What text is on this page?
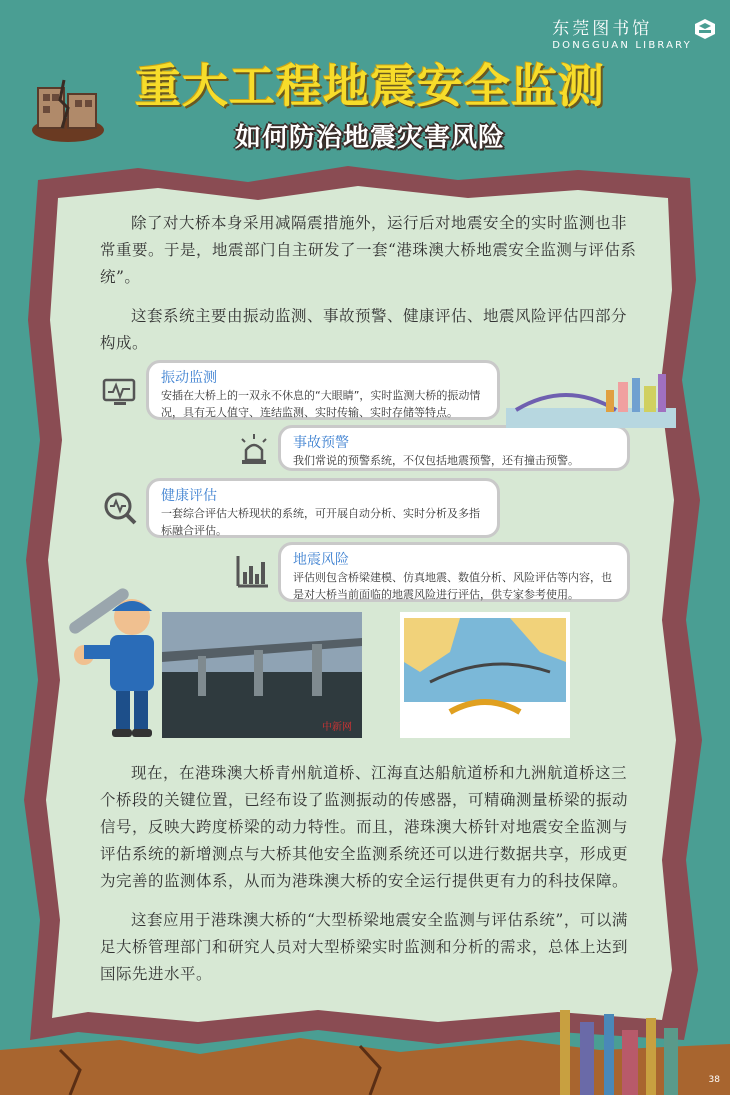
东莞图书馆
DONGGUAN LIBRARY
重大工程地震安全监测
如何防治地震灾害风险

除了对大桥本身采用减隔震措施外，运行后对地震安全的实时监测也非常重要。于是，地震部门自主研发了一套“港珠澳大桥地震安全监测与评估系统”。

这套系统主要由振动监测、事故预警、健康评估、地震风险评估四部分构成。

振动监测
安插在大桥上的一双永不休息的“大眼睛”，实时监测大桥的振动情况，具有无人值守、连结监测、实时传输、实时存储等特点。
事故预警
我们常说的预警系统，不仅包括地震预警，还有撞击预警。
健康评估
一套综合评估大桥现状的系统，可开展自动分析、实时分析及多指标融合评估。
地震风险
评估则包含桥梁建模、仿真地震、数值分析、风险评估等内容，也是对大桥当前面临的地震风险进行评估，供专家参考使用。
中新网

现在，在港珠澳大桥青州航道桥、江海直达船航道桥和九洲航道桥这三个桥段的关键位置，已经布设了监测振动的传感器，可精确测量桥梁的振动信号，反映大跨度桥梁的动力特性。而且，港珠澳大桥针对地震安全监测与评估系统的新增测点与大桥其他安全监测系统还可以进行数据共享，形成更为完善的监测体系，从而为港珠澳大桥的安全运行提供更有力的科技保障。

这套应用于港珠澳大桥的“大型桥梁地震安全监测与评估系统”，可以满足大桥管理部门和研究人员对大型桥梁实时监测和分析的需求，总体上达到国际先进水平。

38
